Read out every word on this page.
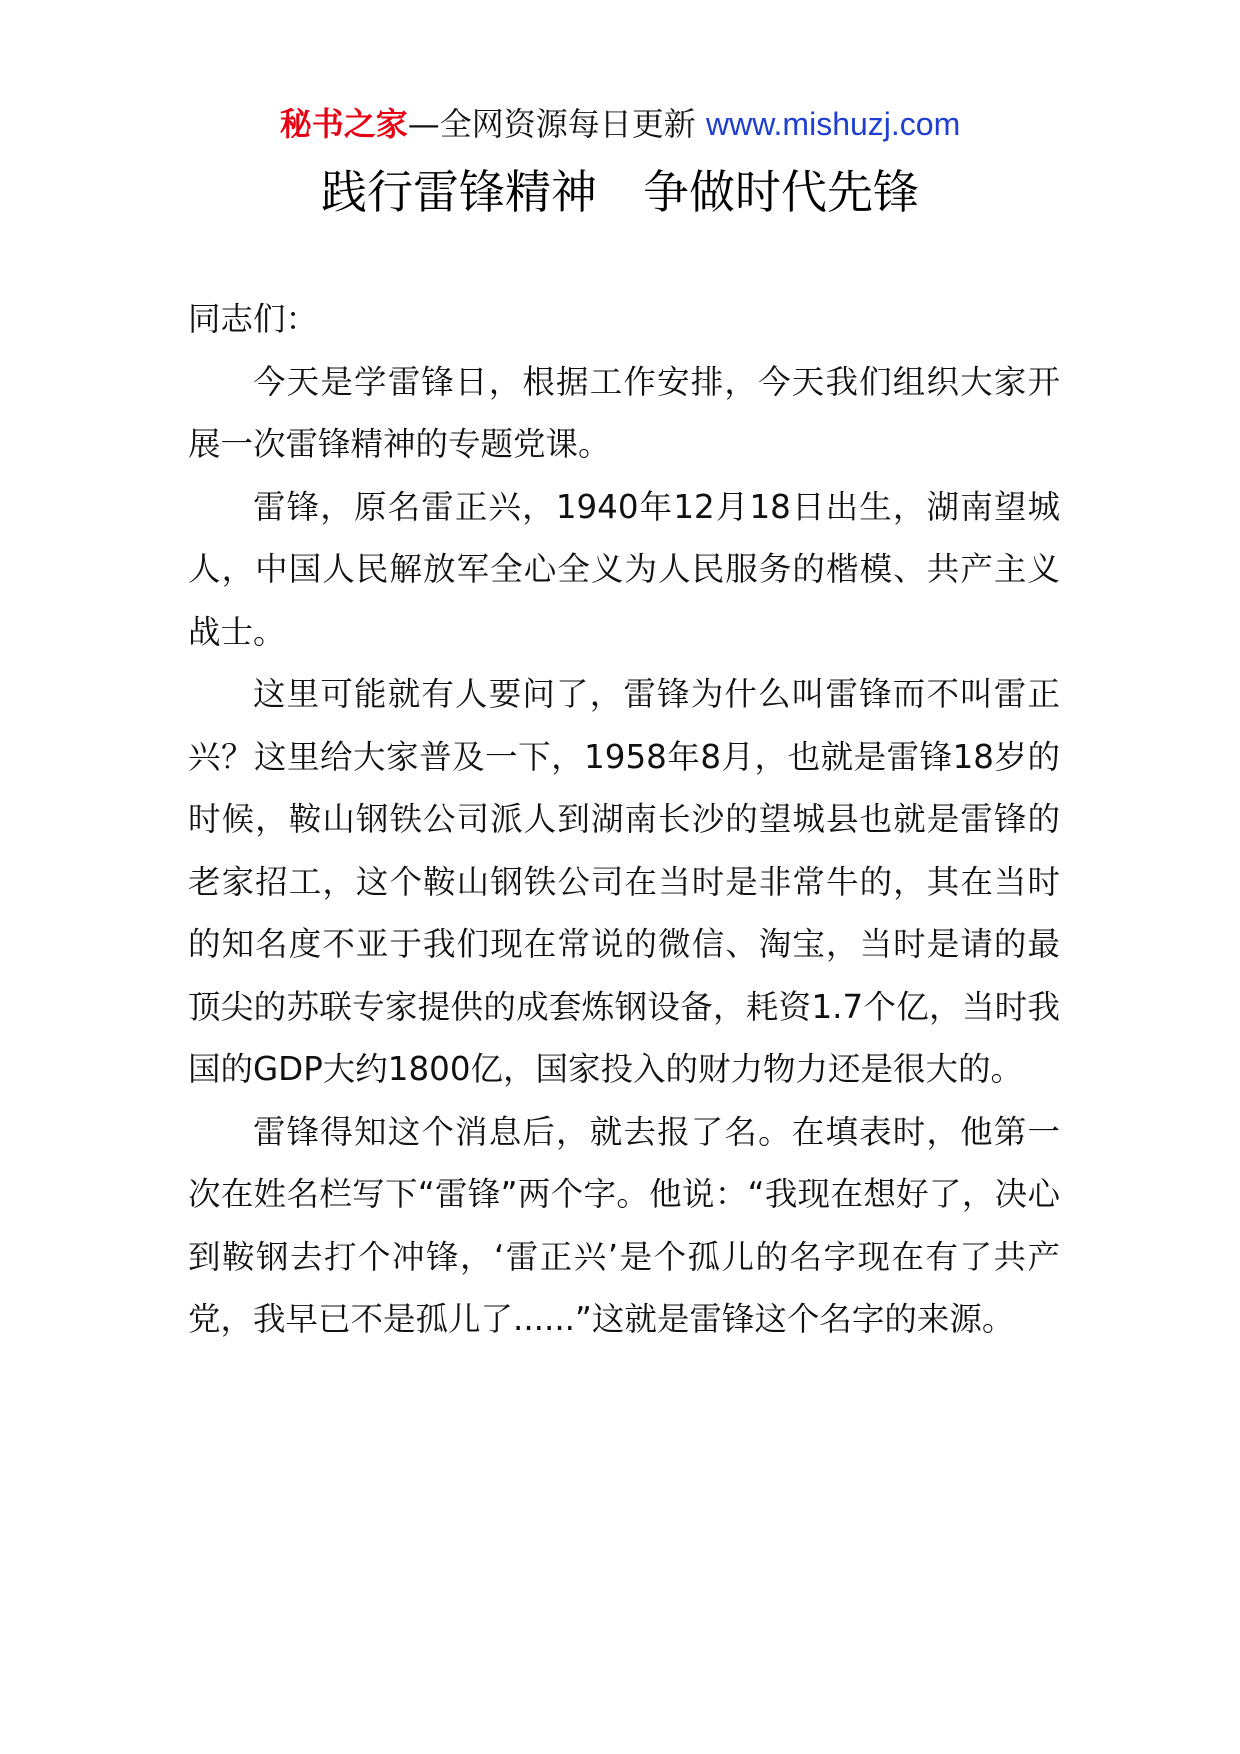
秘书之家—全网资源每日更新 www.mishuzj.com
践行雷锋精神　争做时代先锋

同志们：

今天是学雷锋日，根据工作安排，今天我们组织大家开展一次雷锋精神的专题党课。

雷锋，原名雷正兴，1940年12月18日出生，湖南望城人，中国人民解放军全心全义为人民服务的楷模、共产主义战士。

这里可能就有人要问了，雷锋为什么叫雷锋而不叫雷正兴？这里给大家普及一下，1958年8月，也就是雷锋18岁的时候，鞍山钢铁公司派人到湖南长沙的望城县也就是雷锋的老家招工，这个鞍山钢铁公司在当时是非常牛的，其在当时的知名度不亚于我们现在常说的微信、淘宝，当时是请的最顶尖的苏联专家提供的成套炼钢设备，耗资1.7个亿，当时我国的GDP大约1800亿，国家投入的财力物力还是很大的。

雷锋得知这个消息后，就去报了名。在填表时，他第一次在姓名栏写下“雷锋”两个字。他说：“我现在想好了，决心到鞍钢去打个冲锋，‘雷正兴’是个孤儿的名字现在有了共产党，我早已不是孤儿了......”这就是雷锋这个名字的来源。
